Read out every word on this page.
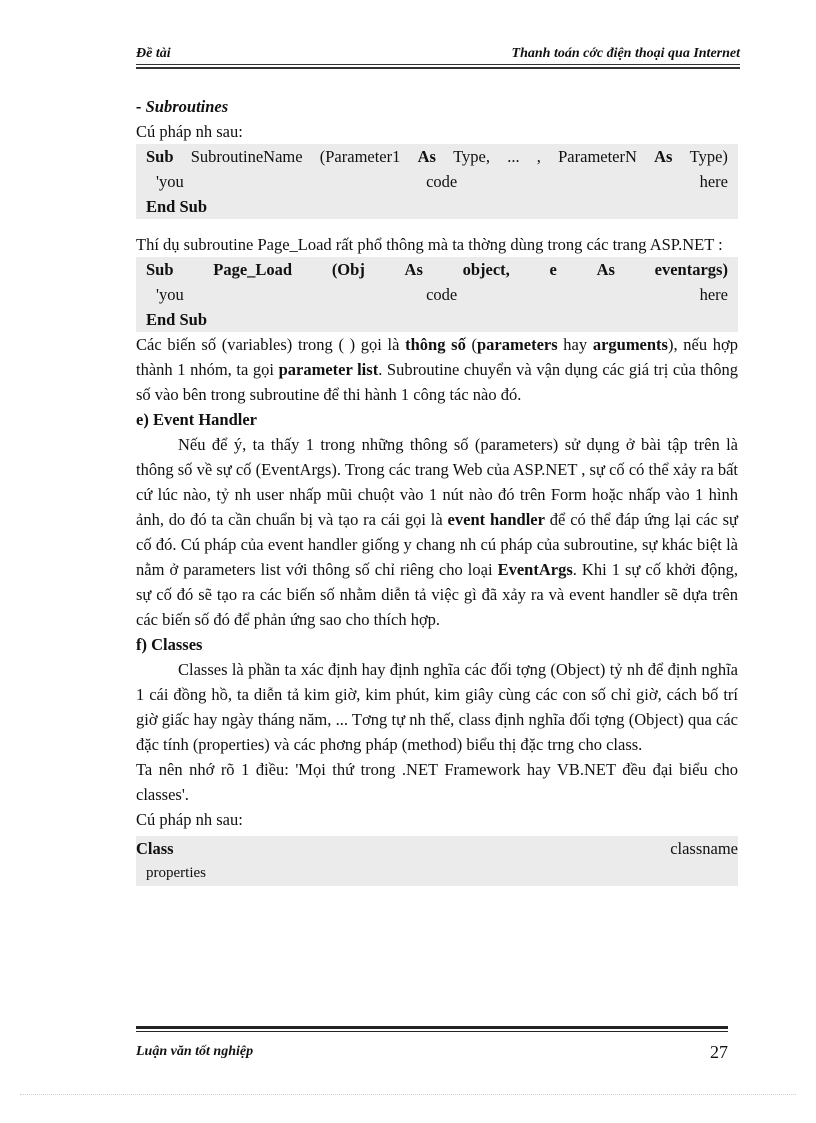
Đề tài	Thanh toán cớc điện thoại qua Internet

- Subroutines

Cú pháp nh sau:

Sub SubroutineName (Parameter1 As Type, ... , ParameterN As Type)
'you	code	here
End Sub

Thí dụ subroutine Page_Load rất phổ thông mà ta thờng dùng trong các trang ASP.NET :

Sub Page_Load (Obj As object, e As eventargs)
'you	code	here
End Sub

Các biến số (variables) trong ( ) gọi là thông số (parameters hay arguments), nếu hợp thành 1 nhóm, ta gọi parameter list. Subroutine chuyển và vận dụng các giá trị của thông số vào bên trong subroutine để thi hành 1 công tác nào đó.

e) Event Handler

Nếu để ý, ta thấy 1 trong những thông số (parameters) sử dụng ở bài tập trên là thông số về sự cố (EventArgs). Trong các trang Web của ASP.NET , sự cố có thể xảy ra bất cứ lúc nào, tỷ nh user nhấp mũi chuột vào 1 nút nào đó trên Form hoặc nhấp vào 1 hình ảnh, do đó ta cần chuẩn bị và tạo ra cái gọi là event handler để có thể đáp ứng lại các sự cố đó. Cú pháp của event handler giống y chang nh cú pháp của subroutine, sự khác biệt là nằm ở parameters list với thông số chỉ riêng cho loại EventArgs. Khi 1 sự cố khởi động, sự cố đó sẽ tạo ra các biến số nhằm diễn tả việc gì đã xảy ra và event handler sẽ dựa trên các biến số đó để phản ứng sao cho thích hợp.

f) Classes

Classes là phần ta xác định hay định nghĩa các đối tợng (Object) tỷ nh để định nghĩa 1 cái đồng hồ, ta diễn tả kim giờ, kim phút, kim giây cùng các con số chỉ giờ, cách bố trí giờ giấc hay ngày tháng năm, ... Tơng tự nh thế, class định nghĩa đối tợng (Object) qua các đặc tính (properties) và các phơng pháp (method) biểu thị đặc trng cho class.

Ta nên nhớ rõ 1 điều: 'Mọi thứ trong .NET Framework hay VB.NET đều đại biểu cho classes'.

Cú pháp nh sau:

Class	classname
properties
Luận văn tốt nghiệp	27
